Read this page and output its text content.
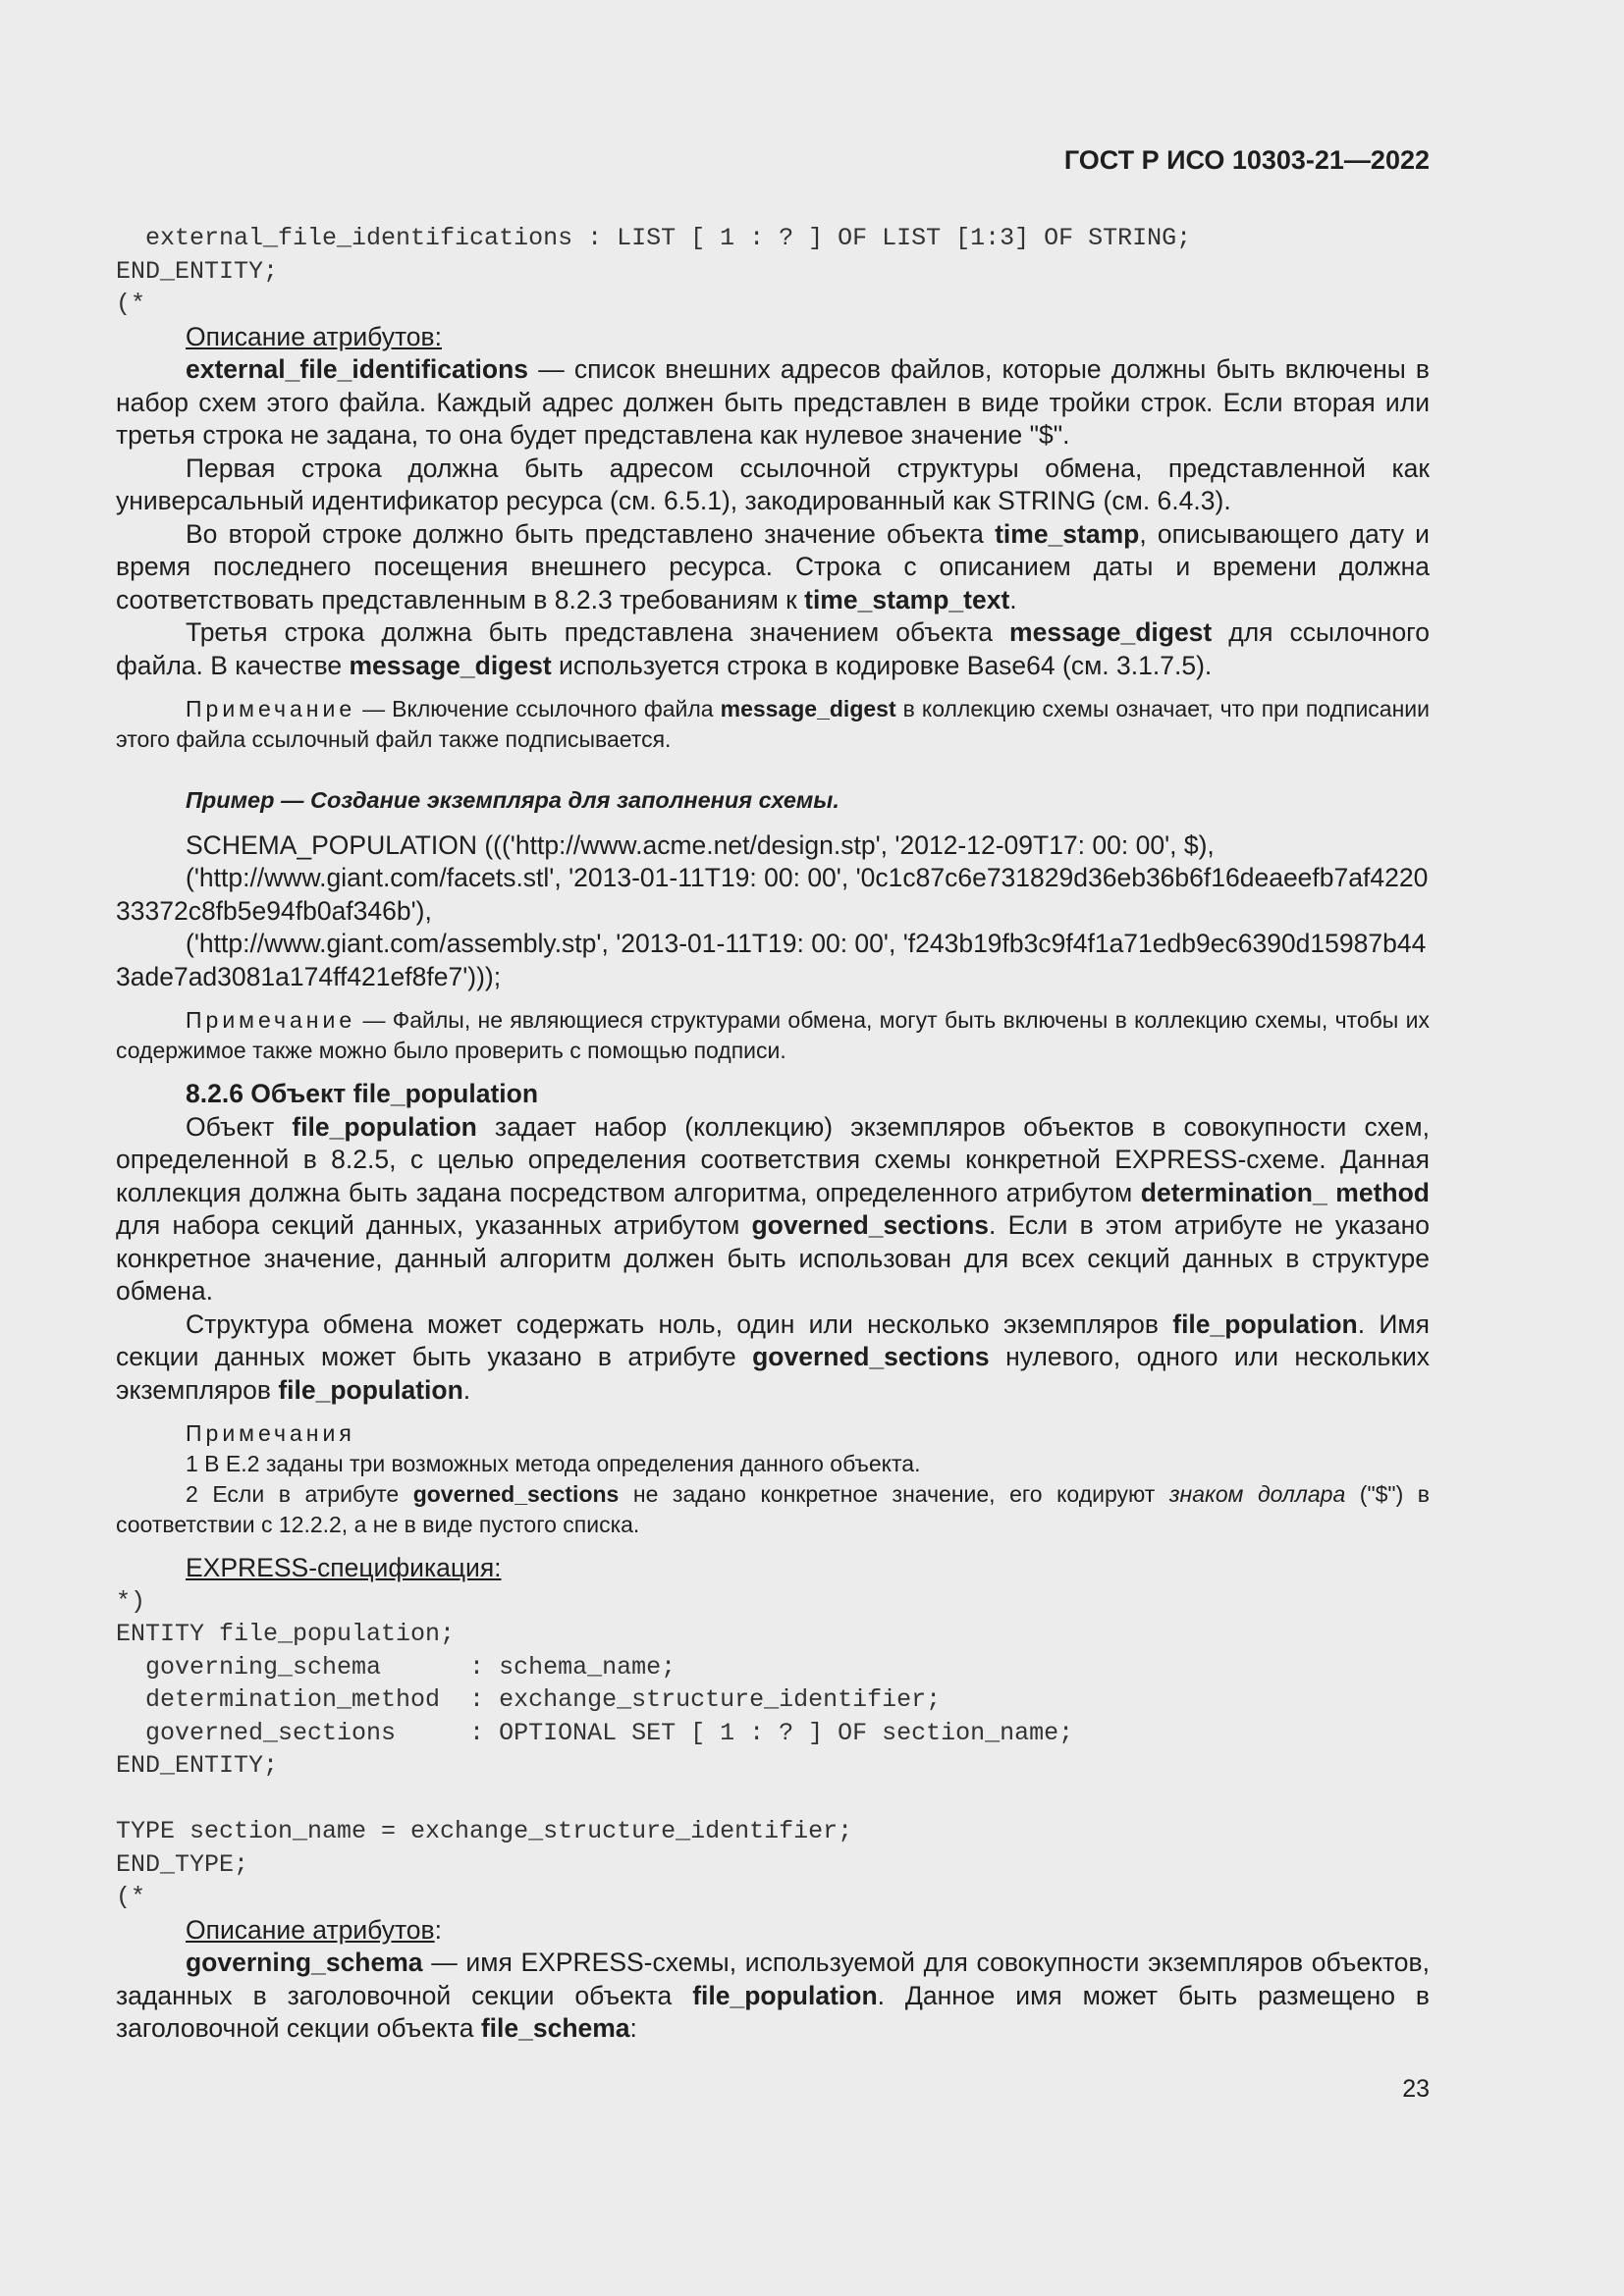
ГОСТ Р ИСО 10303-21—2022

external_file_identifications : LIST [ 1 : ? ] OF LIST [1:3] OF STRING;

END_ENTITY;

(*

Описание атрибутов:

external_file_identifications — список внешних адресов файлов, которые должны быть включены в набор схем этого файла. Каждый адрес должен быть представлен в виде тройки строк. Если вторая или третья строка не задана, то она будет представлена как нулевое значение "$".

Первая строка должна быть адресом ссылочной структуры обмена, представленной как универсальный идентификатор ресурса (см. 6.5.1), закодированный как STRING (см. 6.4.3).

Во второй строке должно быть представлено значение объекта time_stamp, описывающего дату и время последнего посещения внешнего ресурса. Строка с описанием даты и времени должна соответствовать представленным в 8.2.3 требованиям к time_stamp_text.

Третья строка должна быть представлена значением объекта message_digest для ссылочного файла. В качестве message_digest используется строка в кодировке Base64 (см. 3.1.7.5).

Примечание — Включение ссылочного файла message_digest в коллекцию схемы означает, что при подписании этого файла ссылочный файл также подписывается.

Пример — Создание экземпляра для заполнения схемы.

SCHEMA_POPULATION ((('http://www.acme.net/design.stp', '2012-12-09T17: 00: 00', $),

('http://www.giant.com/facets.stl', '2013-01-11T19: 00: 00', '0c1c87c6e731829d36eb36b6f16deaeefb7af422033372c8fb5e94fb0af346b'),

('http://www.giant.com/assembly.stp', '2013-01-11T19: 00: 00', 'f243b19fb3c9f4f1a71edb9ec6390d15987b443ade7ad3081a174ff421ef8fe7')));

Примечание — Файлы, не являющиеся структурами обмена, могут быть включены в коллекцию схемы, чтобы их содержимое также можно было проверить с помощью подписи.

8.2.6 Объект file_population

Объект file_population задает набор (коллекцию) экземпляров объектов в совокупности схем, определенной в 8.2.5, с целью определения соответствия схемы конкретной EXPRESS-схеме. Данная коллекция должна быть задана посредством алгоритма, определенного атрибутом determination_ method для набора секций данных, указанных атрибутом governed_sections. Если в этом атрибуте не указано конкретное значение, данный алгоритм должен быть использован для всех секций данных в структуре обмена.

Структура обмена может содержать ноль, один или несколько экземпляров file_population. Имя секции данных может быть указано в атрибуте governed_sections нулевого, одного или нескольких экземпляров file_population.

Примечания

1 В Е.2 заданы три возможных метода определения данного объекта.

2 Если в атрибуте governed_sections не задано конкретное значение, его кодируют знаком доллара ("$") в соответствии с 12.2.2, а не в виде пустого списка.

EXPRESS-спецификация:

*)

ENTITY file_population;

governing_schema      : schema_name;

determination_method  : exchange_structure_identifier;

governed_sections     : OPTIONAL SET [ 1 : ? ] OF section_name;

END_ENTITY;

TYPE section_name = exchange_structure_identifier;

END_TYPE;

(*

Описание атрибутов:

governing_schema — имя EXPRESS-схемы, используемой для совокупности экземпляров объектов, заданных в заголовочной секции объекта file_population. Данное имя может быть размещено в заголовочной секции объекта file_schema:

23
